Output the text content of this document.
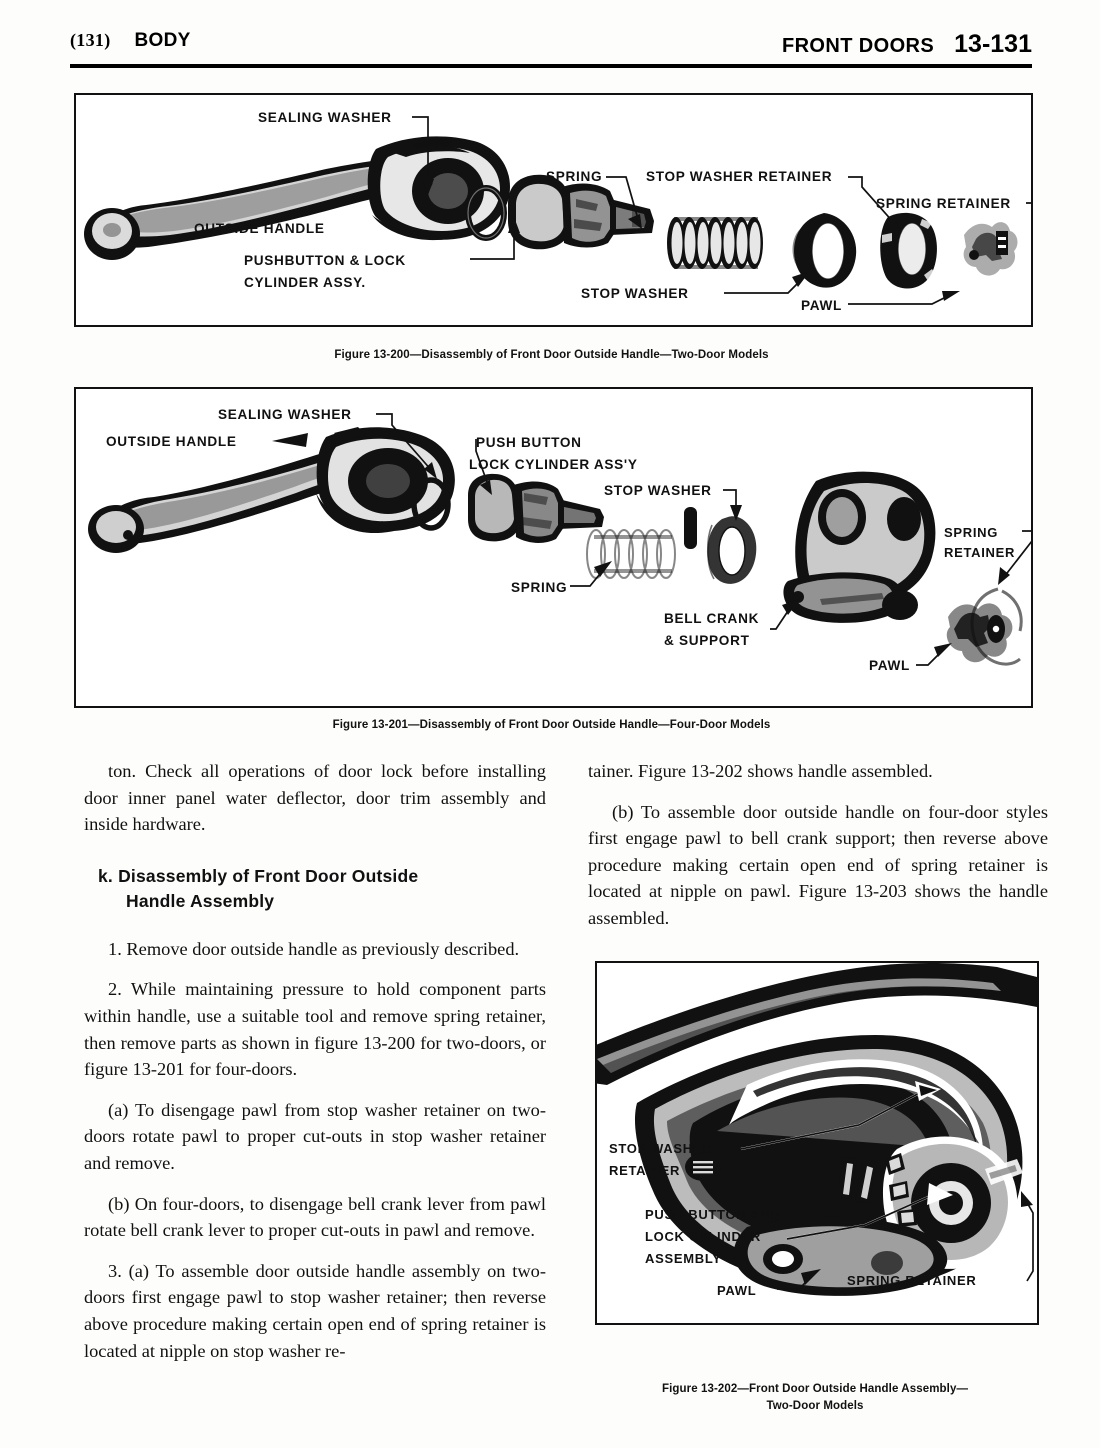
(131) BODY	FRONT DOORS 13-131
SEALING WASHER
OUTSIDE HANDLE
PUSHBUTTON & LOCK
CYLINDER ASSY.
SPRING	STOP WASHER RETAINER
SPRING RETAINER
STOP WASHER
PAWL
Figure 13-200—Disassembly of Front Door Outside Handle—Two-Door Models
SEALING WASHER
OUTSIDE HANDLE	PUSH BUTTON
LOCK CYLINDER ASS'Y
STOP WASHER
SPRING
BELL CRANK
& SUPPORT
PAWL
SPRING
RETAINER
Figure 13-201—Disassembly of Front Door Outside Handle—Four-Door Models

ton. Check all operations of door lock before installing door inner panel water deflector, door trim assembly and inside hardware.

k. Disassembly of Front Door Outside
Handle Assembly

1. Remove door outside handle as previously described.

2. While maintaining pressure to hold component parts within handle, use a suitable tool and remove spring retainer, then remove parts as shown in figure 13-200 for two-doors, or figure 13-201 for four-doors.

(a) To disengage pawl from stop washer retainer on two-doors rotate pawl to proper cut-outs in stop washer retainer and remove.

(b) On four-doors, to disengage bell crank lever from pawl rotate bell crank lever to proper cut-outs in pawl and remove.

3. (a) To assemble door outside handle assembly on two-doors first engage pawl to stop washer retainer; then reverse above procedure making certain open end of spring retainer is located at nipple on stop washer re-

tainer. Figure 13-202 shows handle assembled.

(b) To assemble door outside handle on four-door styles first engage pawl to bell crank support; then reverse above procedure making certain open end of spring retainer is located at nipple on pawl. Figure 13-203 shows the handle assembled.

STOP WASHER
RETAINER
PUSH BUTTON AND
LOCK CYLINDER
ASSEMBLY
PAWL
SPRING RETAINER
Figure 13-202—Front Door Outside Handle Assembly—
Two-Door Models
